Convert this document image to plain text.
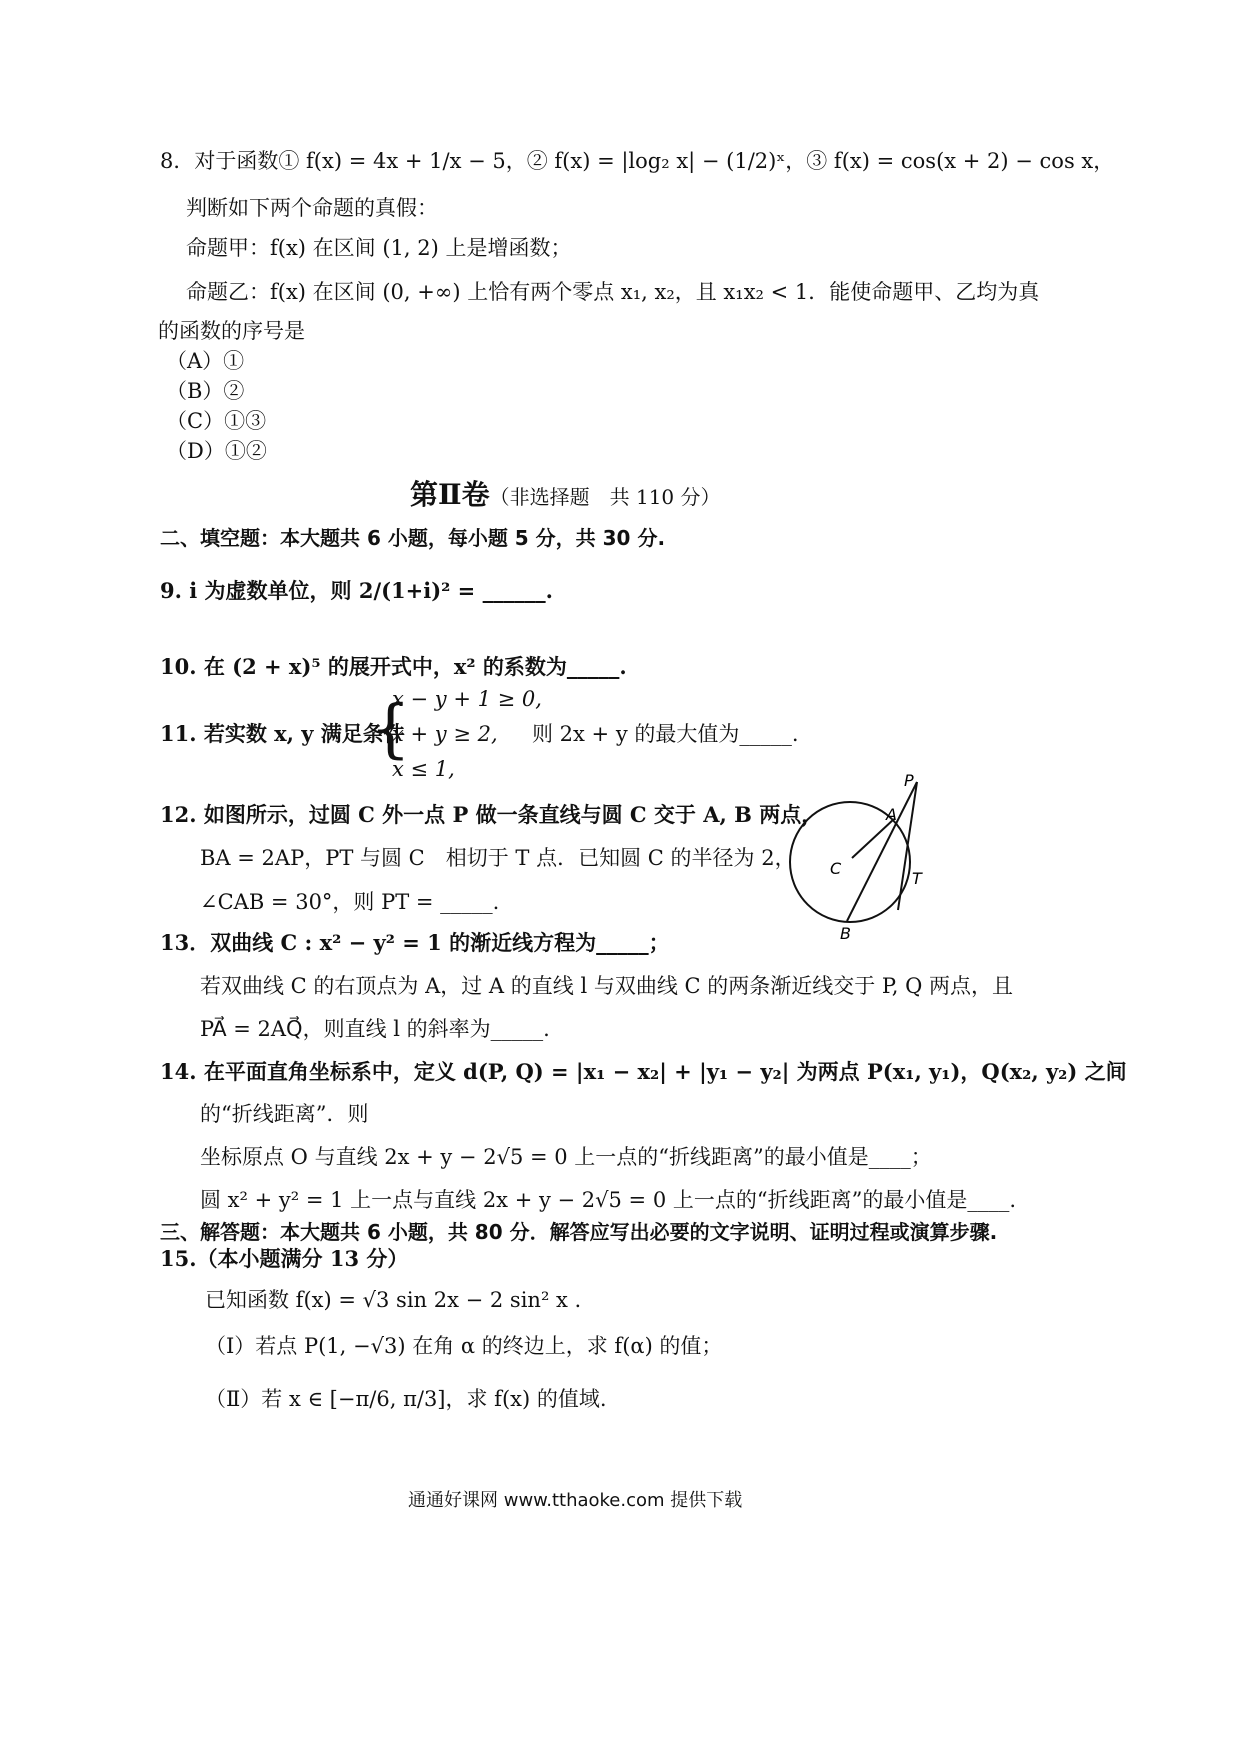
8．对于函数① f(x) = 4x + 1/x − 5，② f(x) = |log₂ x| − (1/2)ˣ，③ f(x) = cos(x + 2) − cos x，
判断如下两个命题的真假：
命题甲：f(x) 在区间 (1, 2) 上是增函数；
命题乙：f(x) 在区间 (0, +∞) 上恰有两个零点 x₁, x₂，且 x₁x₂ < 1．能使命题甲、乙均为真
的函数的序号是
（A）①
（B）②
（C）①③
（D）①②
第Ⅱ卷（非选择题　共 110 分）
二、填空题：本大题共 6 小题，每小题 5 分，共 30 分.
9. i 为虚数单位，则 2/(1+i)² = ______.
10. 在 (2 + x)⁵ 的展开式中，x² 的系数为_____.
11. 若实数 x, y 满足条件
{
x − y + 1 ≥ 0,
x + y ≥ 2,
x ≤ 1,
则 2x + y 的最大值为_____.
12. 如图所示，过圆 C 外一点 P 做一条直线与圆 C 交于 A, B 两点，
BA = 2AP，PT 与圆 C　相切于 T 点．已知圆 C 的半径为 2，
∠CAB = 30°，则 PT = _____.
P
A
C
T
B
13．双曲线 C : x² − y² = 1 的渐近线方程为_____；
若双曲线 C 的右顶点为 A，过 A 的直线 l 与双曲线 C 的两条渐近线交于 P, Q 两点，且
PA⃗ = 2AQ⃗，则直线 l 的斜率为_____.
14. 在平面直角坐标系中，定义 d(P, Q) = |x₁ − x₂| + |y₁ − y₂| 为两点 P(x₁, y₁)，Q(x₂, y₂) 之间
的“折线距离”．则
坐标原点 O 与直线 2x + y − 2√5 = 0 上一点的“折线距离”的最小值是____；
圆 x² + y² = 1 上一点与直线 2x + y − 2√5 = 0 上一点的“折线距离”的最小值是____.
三、解答题：本大题共 6 小题，共 80 分．解答应写出必要的文字说明、证明过程或演算步骤.
15.（本小题满分 13 分）
已知函数 f(x) = √3 sin 2x − 2 sin² x .
（Ⅰ）若点 P(1, −√3) 在角 α 的终边上，求 f(α) 的值；
（Ⅱ）若 x ∈ [−π/6, π/3]，求 f(x) 的值域.
通通好课网 www.tthaoke.com 提供下载
